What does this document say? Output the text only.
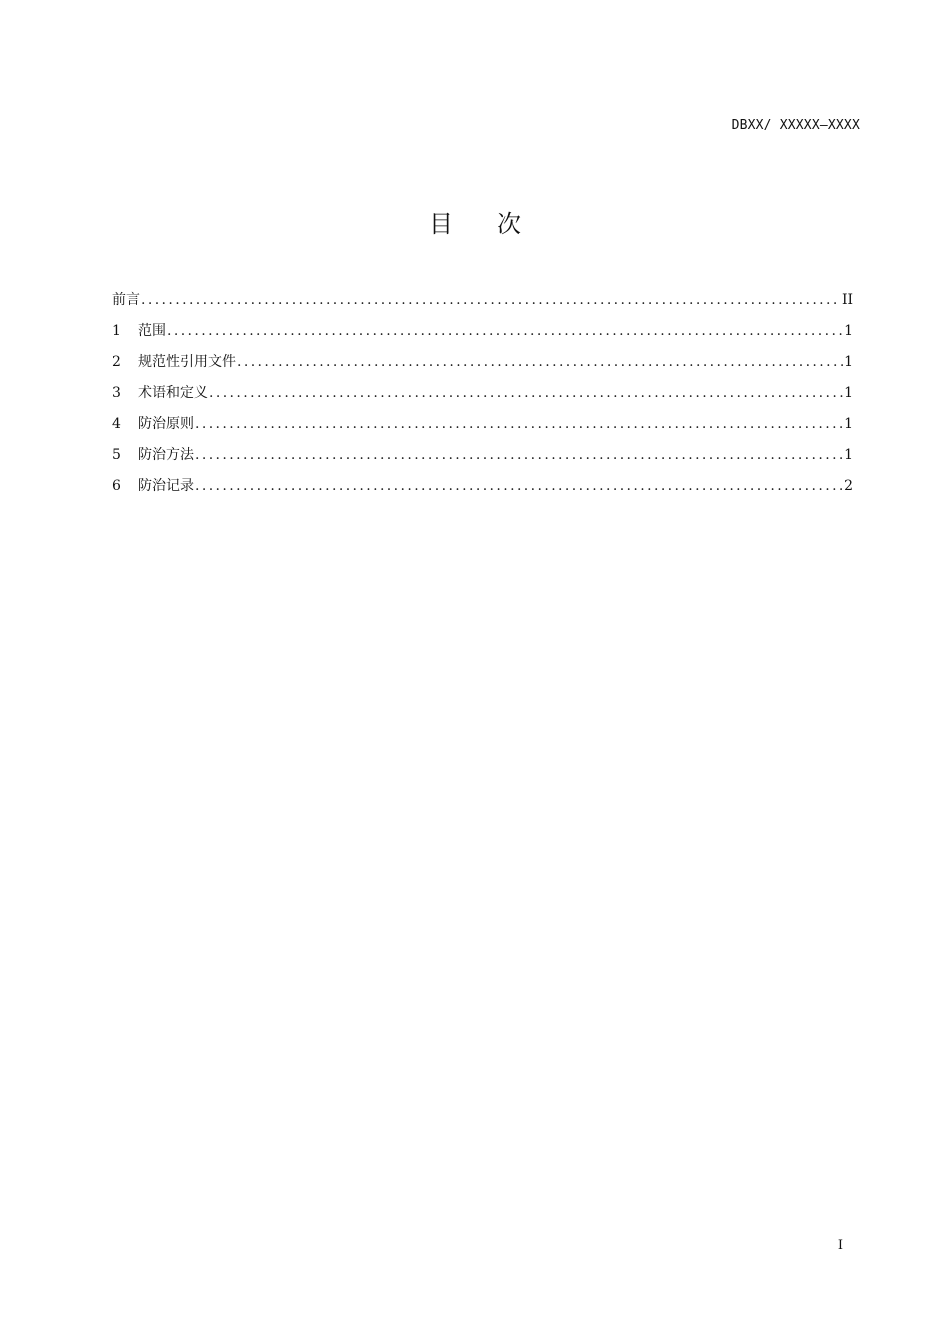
DBXX/ XXXXX—XXXX
目 次
前言 .....	II
1	范围 .....	1
2	规范性引用文件 .....	1
3	术语和定义 .....	1
4	防治原则 .....	1
5	防治方法 .....	1
6	防治记录 .....	2
I
